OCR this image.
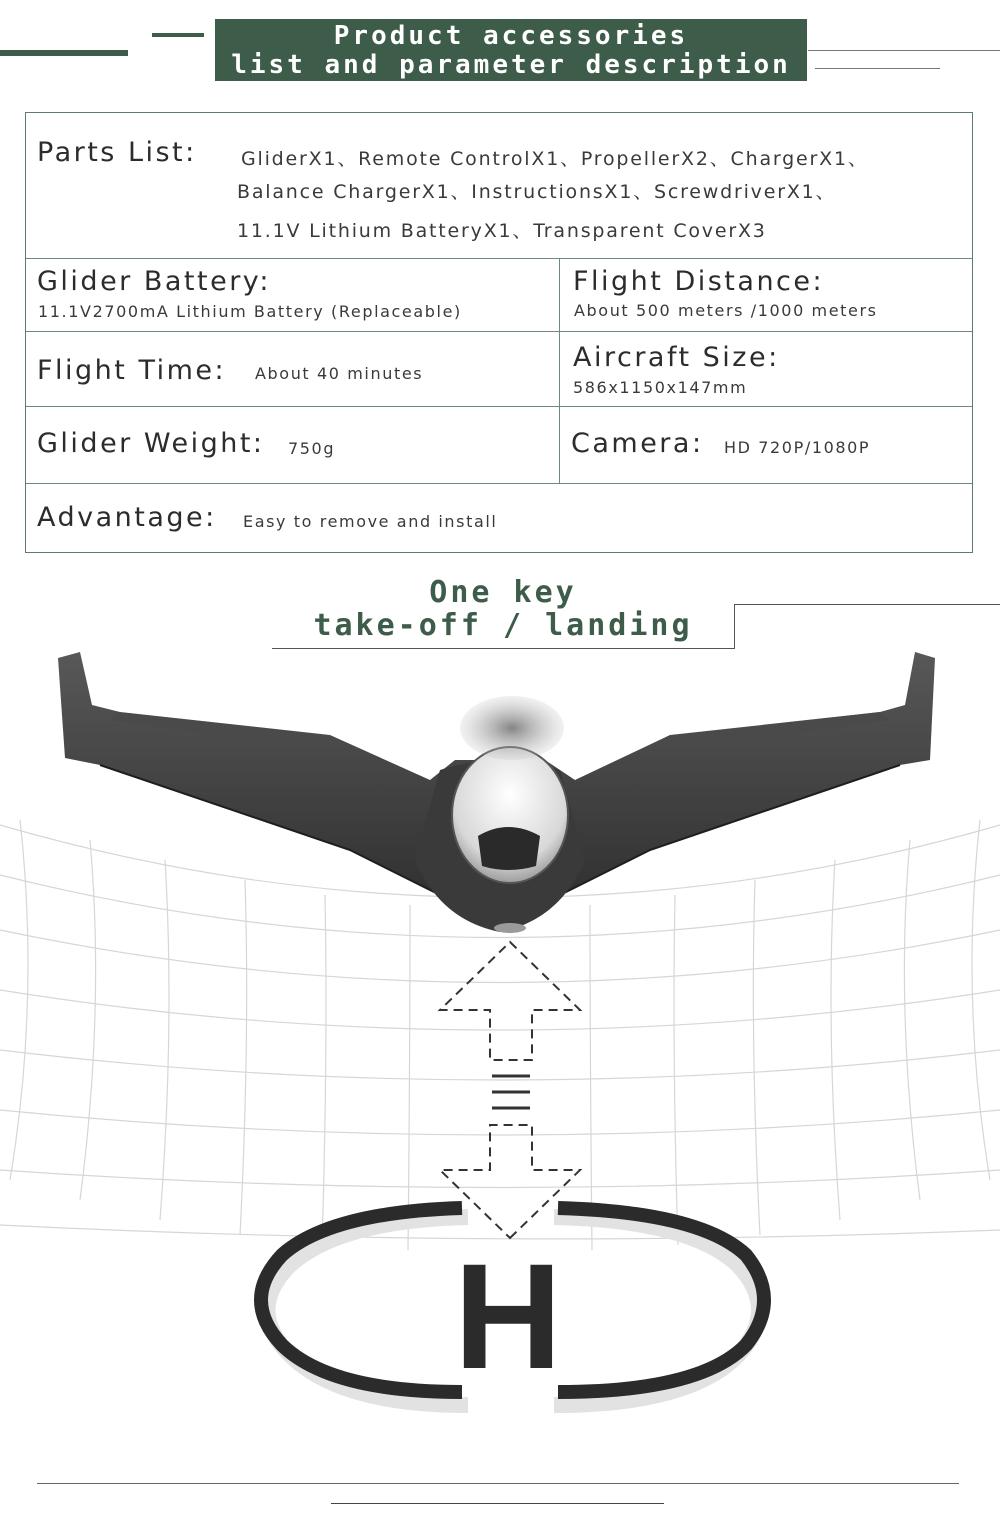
Product accessories
list and parameter description
Parts List: GliderX1、Remote ControlX1、PropellerX2、ChargerX1、
Balance ChargerX1、InstructionsX1、ScrewdriverX1、
11.1V Lithium BatteryX1、Transparent CoverX3
Glider Battery:
11.1V2700mA Lithium Battery (Replaceable)
Flight Distance:
About 500 meters /1000 meters
Flight Time: About 40 minutes
Aircraft Size:
586x1150x147mm
Glider Weight: 750g	Camera: HD 720P/1080P
Advantage: Easy to remove and install
One key
take-off / landing
H
